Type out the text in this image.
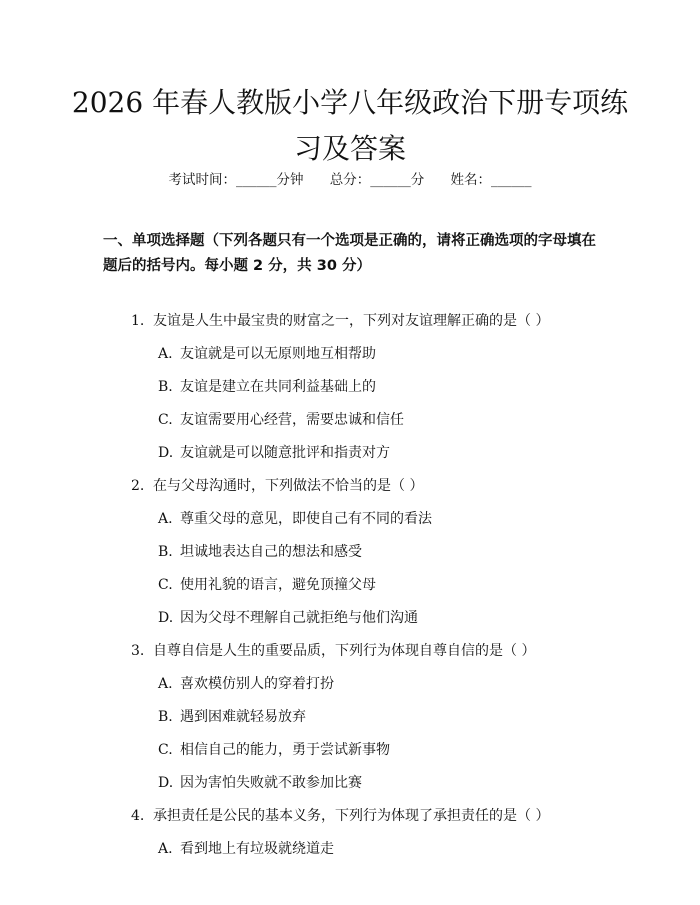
2026 年春人教版小学八年级政治下册专项练
习及答案
考试时间：______分钟 总分：______分 姓名：______
一、单项选择题（下列各题只有一个选项是正确的，请将正确选项的字母填在题后的括号内。每小题 2 分，共 30 分）
1. 友谊是人生中最宝贵的财富之一，下列对友谊理解正确的是（ ）
A. 友谊就是可以无原则地互相帮助
B. 友谊是建立在共同利益基础上的
C. 友谊需要用心经营，需要忠诚和信任
D. 友谊就是可以随意批评和指责对方
2. 在与父母沟通时，下列做法不恰当的是（ ）
A. 尊重父母的意见，即使自己有不同的看法
B. 坦诚地表达自己的想法和感受
C. 使用礼貌的语言，避免顶撞父母
D. 因为父母不理解自己就拒绝与他们沟通
3. 自尊自信是人生的重要品质，下列行为体现自尊自信的是（ ）
A. 喜欢模仿别人的穿着打扮
B. 遇到困难就轻易放弃
C. 相信自己的能力，勇于尝试新事物
D. 因为害怕失败就不敢参加比赛
4. 承担责任是公民的基本义务，下列行为体现了承担责任的是（ ）
A. 看到地上有垃圾就绕道走
